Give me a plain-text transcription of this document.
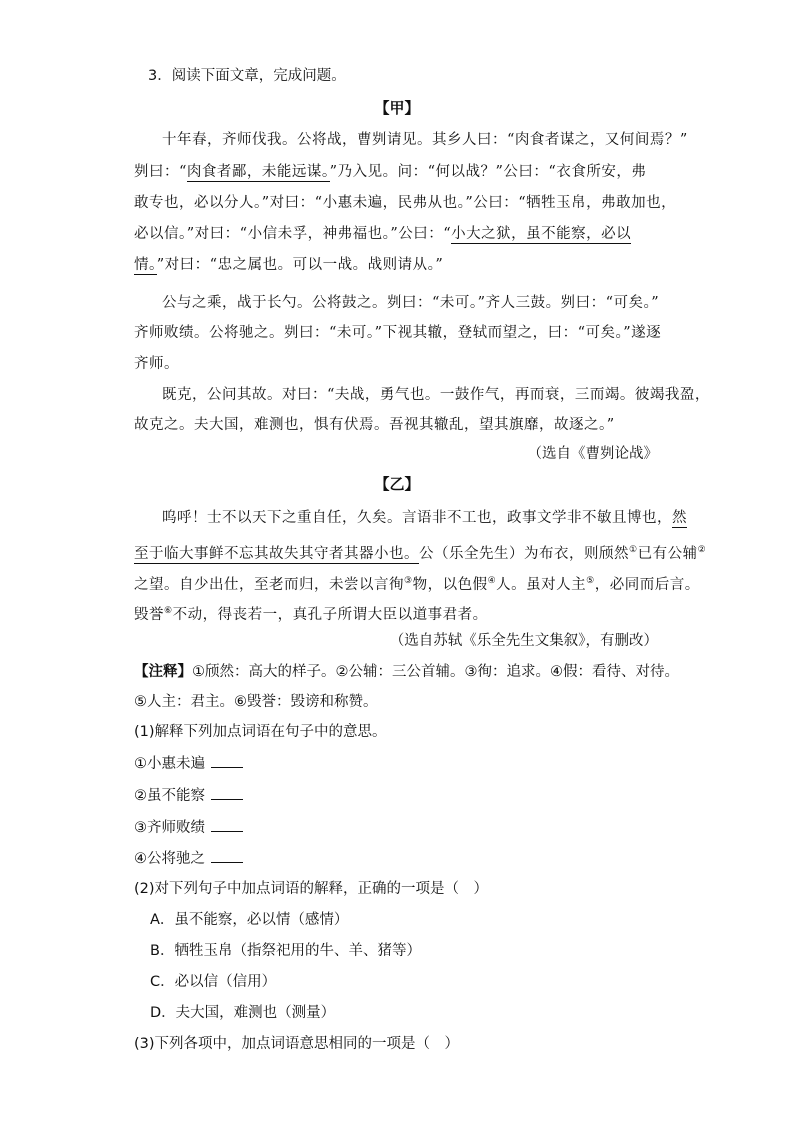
3．阅读下面文章，完成问题。
【甲】
十年春，齐师伐我。公将战，曹刿请见。其乡人曰：“肉食者谋之，又何间焉？”
刿曰：“肉食者鄙，未能远谋。”乃入见。问：“何以战？”公曰：“衣食所安，弗
敢专也，必以分人。”对曰：“小惠未遍，民弗从也。”公曰：“牺牲玉帛，弗敢加也，
必以信。”对曰：“小信未孚，神弗福也。”公曰：“小大之狱，虽不能察，必以
情。”对曰：“忠之属也。可以一战。战则请从。”
公与之乘，战于长勺。公将鼓之。刿曰：“未可。”齐人三鼓。刿曰：“可矣。”
齐师败绩。公将驰之。刿曰：“未可。”下视其辙，登轼而望之，曰：“可矣。”遂逐
齐师。
既克，公问其故。对曰：“夫战，勇气也。一鼓作气，再而衰，三而竭。彼竭我盈，
故克之。夫大国，难测也，惧有伏焉。吾视其辙乱，望其旗靡，故逐之。”
（选自《曹刿论战》
【乙】
呜呼！士不以天下之重自任，久矣。言语非不工也，政事文学非不敏且博也，然
至于临大事鲜不忘其故失其守者其器小也。公（乐全先生）为布衣，则颀然①已有公辅②
之望。自少出仕，至老而归，未尝以言徇③物，以色假④人。虽对人主⑤，必同而后言。
毁誉⑥不动，得丧若一，真孔子所谓大臣以道事君者。
（选自苏轼《乐全先生文集叙》，有删改）
【注释】①颀然：高大的样子。②公辅：三公首辅。③徇：追求。④假：看待、对待。
⑤人主：君主。⑥毁誉：毁谤和称赞。
(1)解释下列加点词语在句子中的意思。
①小惠未遍
②虽不能察
③齐师败绩
④公将驰之
(2)对下列句子中加点词语的解释，正确的一项是（　）
A．虽不能察，必以情（感情）
B．牺牲玉帛（指祭祀用的牛、羊、猪等）
C．必以信（信用）
D．夫大国，难测也（测量）
(3)下列各项中，加点词语意思相同的一项是（　）
